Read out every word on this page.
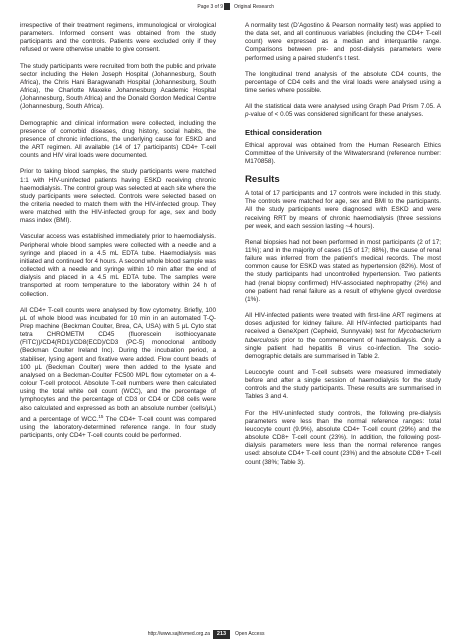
Page 3 of 9 Original Research

irrespective of their treatment regimens, immunological or virological parameters. Informed consent was obtained from the study participants and the controls. Patients were excluded only if they refused or were otherwise unable to give consent.

The study participants were recruited from both the public and private sector including the Helen Joseph Hospital (Johannesburg, South Africa), the Chris Hani Baragwanath Hospital (Johannesburg, South Africa), the Charlotte Maxeke Johannesburg Academic Hospital (Johannesburg, South Africa) and the Donald Gordon Medical Centre (Johannesburg, South Africa).

Demographic and clinical information were collected, including the presence of comorbid diseases, drug history, social habits, the presence of chronic infections, the underlying cause for ESKD and the ART regimen. All available (14 of 17 participants) CD4+ T-cell counts and HIV viral loads were documented.

Prior to taking blood samples, the study participants were matched 1:1 with HIV-uninfected patients having ESKD receiving chronic haemodialysis. The control group was selected at each site where the study participants were selected. Controls were selected based on the criteria needed to match them with the HIV-infected group. They were matched with the HIV-infected group for age, sex and body mass index (BMI).

Vascular access was established immediately prior to haemodialysis. Peripheral whole blood samples were collected with a needle and a syringe and placed in a 4.5 mL EDTA tube. Haemodialysis was initiated and continued for 4 hours. A second whole blood sample was collected with a needle and syringe within 10 min after the end of dialysis and placed in a 4.5 mL EDTA tube. The samples were transported at room temperature to the laboratory within 24 h of collection.

All CD4+ T-cell counts were analysed by flow cytometry. Briefly, 100 μL of whole blood was incubated for 10 min in an automated T-Q-Prep machine (Beckman Coulter, Brea, CA, USA) with 5 μL Cyto stat tetra CHROMETM CD45 (fluorescein isothiocyanate (FITC))/CD4(RD1)/CD8(ECD)/CD3 (PC-5) monoclonal antibody (Beckman Coulter Ireland Inc). During the incubation period, a stabiliser, lysing agent and fixative were added. Flow count beads of 100 μL (Beckman Coulter) were then added to the lysate and analysed on a Beckman-Coulter FC500 MPL flow cytometer on a 4-colour T-cell protocol. Absolute T-cell numbers were then calculated using the total white cell count (WCC), and the percentage of lymphocytes and the percentage of CD3 or CD4 or CD8 cells were also calculated and expressed as both an absolute number (cells/μL) and a percentage of WCC.$^{15}$ The CD4+ T-cell count was compared using the laboratory-determined reference range. In four study participants, only CD4+ T-cell counts could be performed.

A normality test (D’Agostino & Pearson normality test) was applied to the data set, and all continuous variables (including the CD4+ T-cell count) were expressed as a median and interquartile range. Comparisons between pre- and post-dialysis parameters were performed using a paired student’s t test.

The longitudinal trend analysis of the absolute CD4 counts, the percentage of CD4 cells and the viral loads were analysed using a time series where possible.

All the statistical data were analysed using Graph Pad Prism 7.05. A p-value of < 0.05 was considered significant for these analyses.

Ethical consideration

Ethical approval was obtained from the Human Research Ethics Committee of the University of the Witwatersrand (reference number: M170858).

Results

A total of 17 participants and 17 controls were included in this study. The controls were matched for age, sex and BMI to the participants. All the study participants were diagnosed with ESKD and were receiving RRT by means of chronic haemodialysis (three sessions per week, and each session lasting ~4 hours).

Renal biopsies had not been performed in most participants (2 of 17; 11%); and in the majority of cases (15 of 17; 88%), the cause of renal failure was inferred from the patient’s medical records. The most common cause for ESKD was stated as hypertension (82%). Most of the study participants had uncontrolled hypertension. Two patients had (renal biopsy confirmed) HIV-associated nephropathy (2%) and one patient had renal failure as a result of ethylene glycol overdose (1%).

All HIV-infected patients were treated with first-line ART regimens at doses adjusted for kidney failure. All HIV-infected participants had received a GeneXpert (Cepheid, Sunnyvale) test for Mycobacterium tuberculosis prior to the commencement of haemodialysis. Only a single patient had hepatitis B virus co-infection. The socio-demographic details are summarised in Table 2.

Leucocyte count and T-cell subsets were measured immediately before and after a single session of haemodialysis for the study controls and the study participants. These results are summarised in Tables 3 and 4.

For the HIV-uninfected study controls, the following pre-dialysis parameters were less than the normal reference ranges: total leucocyte count (9.9%), absolute CD4+ T-cell count (29%) and the absolute CD8+ T-cell count (23%). In addition, the following post-dialysis parameters were less than the normal reference ranges used: absolute CD4+ T-cell count (23%) and the absolute CD8+ T-cell count (38%; Table 3).

http://www.sajhivmed.org.za	213	Open Access
